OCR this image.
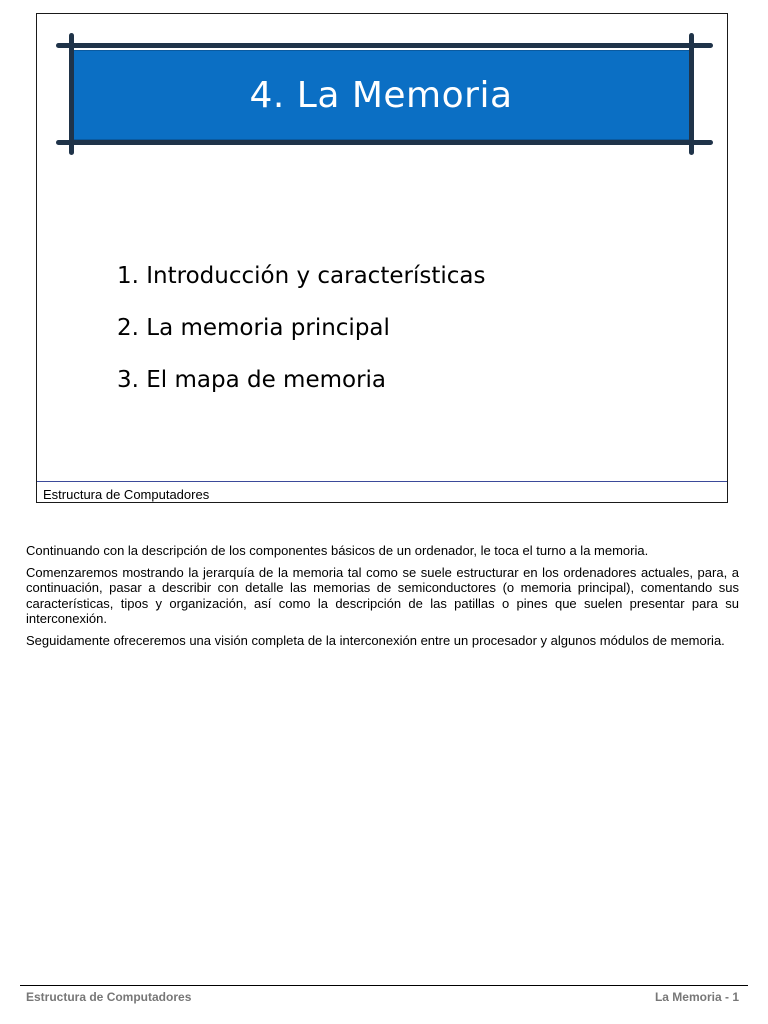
4. La Memoria
1. Introducción y características
2. La memoria principal
3. El mapa de memoria
Estructura de Computadores

Continuando con la descripción de los componentes básicos de un ordenador, le toca el turno a la memoria.

Comenzaremos mostrando la jerarquía de la memoria tal como se suele estructurar en los ordenadores actuales, para, a continuación, pasar a describir con detalle las memorias de semiconductores (o memoria principal), comentando sus características, tipos y organización, así como la descripción de las patillas o pines que suelen presentar para su interconexión.

Seguidamente ofreceremos una visión completa de la interconexión entre un procesador y algunos módulos de memoria.

Estructura de Computadores	La Memoria - 1
